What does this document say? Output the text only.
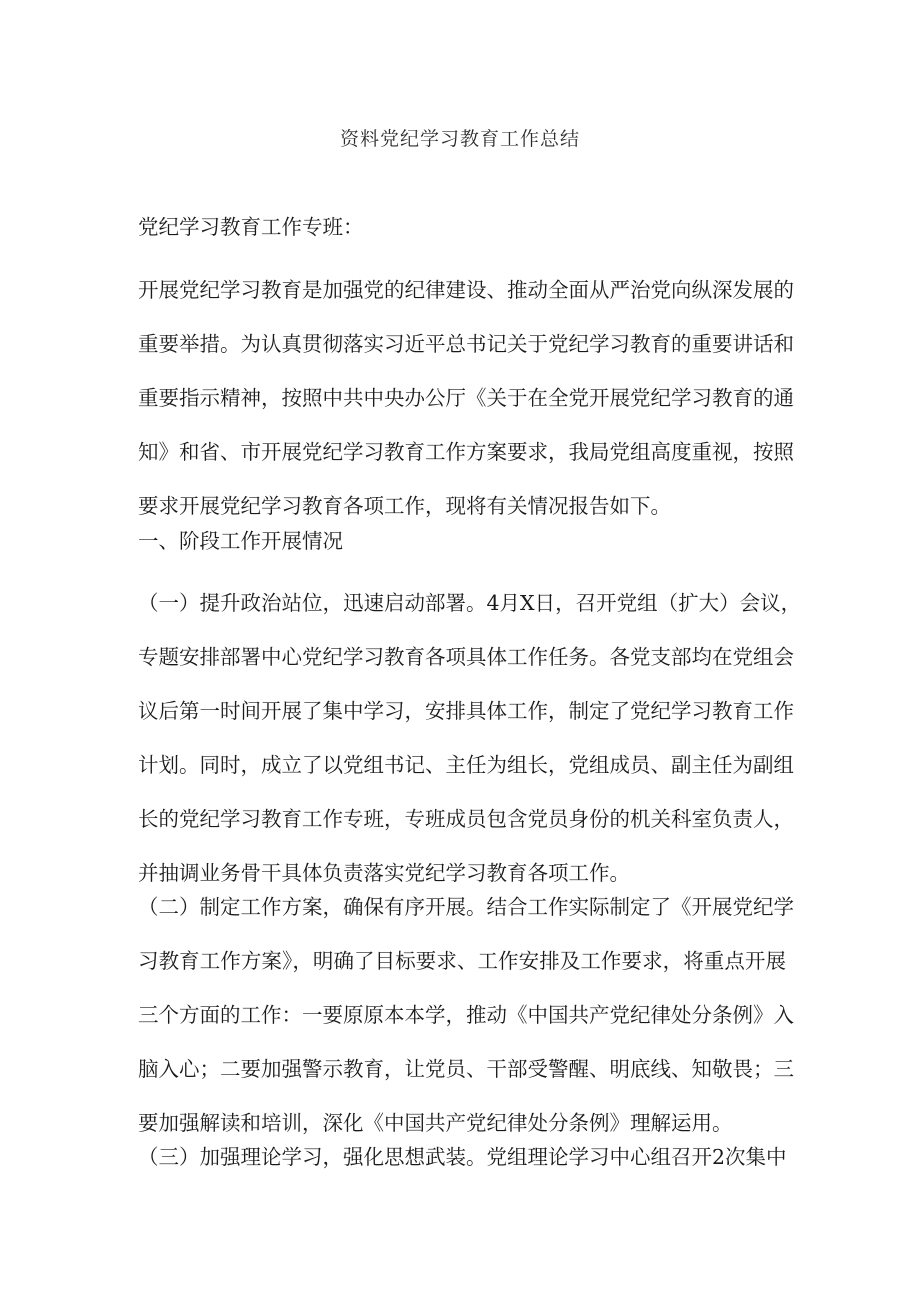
资料党纪学习教育工作总结
党纪学习教育工作专班：
开展党纪学习教育是加强党的纪律建设、推动全面从严治党向纵深发展的
重要举措。为认真贯彻落实习近平总书记关于党纪学习教育的重要讲话和
重要指示精神，按照中共中央办公厅《关于在全党开展党纪学习教育的通
知》和省、市开展党纪学习教育工作方案要求，我局党组高度重视，按照
要求开展党纪学习教育各项工作，现将有关情况报告如下。
一、阶段工作开展情况
（一）提升政治站位，迅速启动部署。4月X日，召开党组（扩大）会议，
专题安排部署中心党纪学习教育各项具体工作任务。各党支部均在党组会
议后第一时间开展了集中学习，安排具体工作，制定了党纪学习教育工作
计划。同时，成立了以党组书记、主任为组长，党组成员、副主任为副组
长的党纪学习教育工作专班，专班成员包含党员身份的机关科室负责人，
并抽调业务骨干具体负责落实党纪学习教育各项工作。
（二）制定工作方案，确保有序开展。结合工作实际制定了《开展党纪学
习教育工作方案》，明确了目标要求、工作安排及工作要求，将重点开展
三个方面的工作：一要原原本本学，推动《中国共产党纪律处分条例》入
脑入心；二要加强警示教育，让党员、干部受警醒、明底线、知敬畏；三
要加强解读和培训，深化《中国共产党纪律处分条例》理解运用。
（三）加强理论学习，强化思想武装。党组理论学习中心组召开2次集中
